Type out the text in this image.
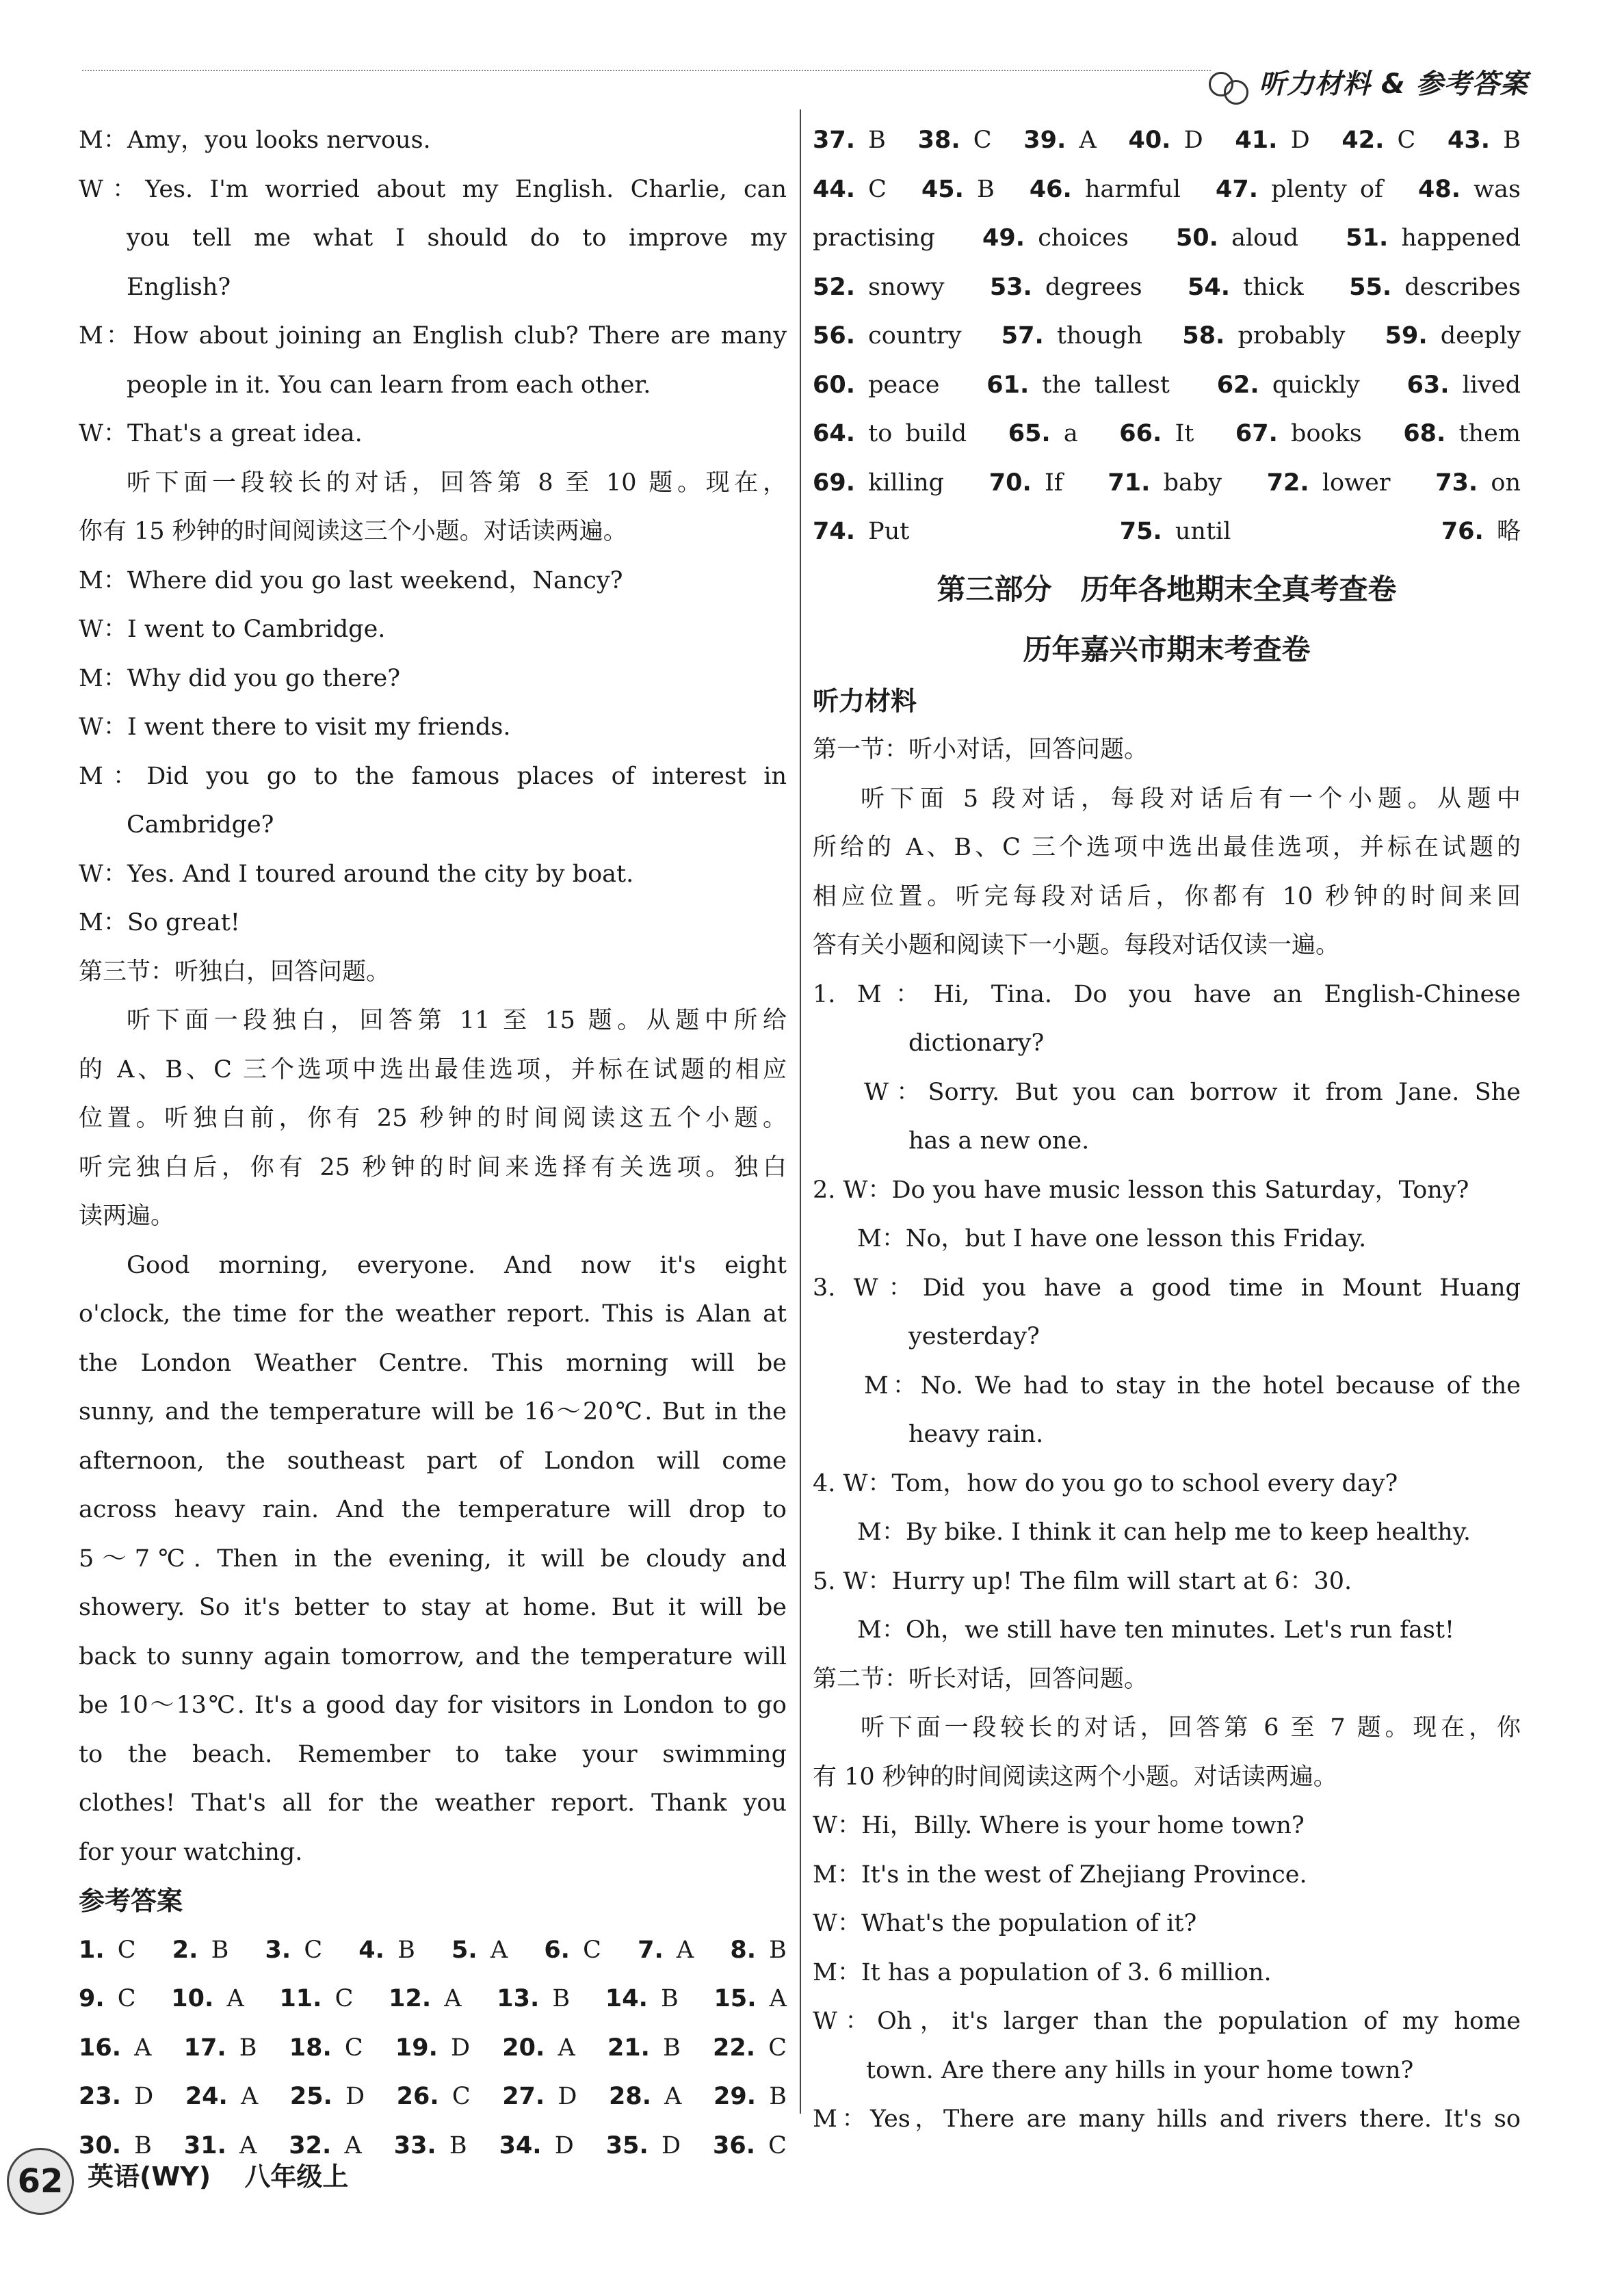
听力材料 & 参考答案
M：Amy，you looks nervous.
W：Yes. I'm worried about my English. Charlie, can
you tell me what I should do to improve my
English?
M：How about joining an English club? There are many
people in it. You can learn from each other.
W：That's a great idea.
听下面一段较长的对话，回答第 8 至 10 题。现在，
你有 15 秒钟的时间阅读这三个小题。对话读两遍。
M：Where did you go last weekend，Nancy?
W：I went to Cambridge.
M：Why did you go there?
W：I went there to visit my friends.
M：Did you go to the famous places of interest in
Cambridge?
W：Yes. And I toured around the city by boat.
M：So great!
第三节：听独白，回答问题。
听下面一段独白，回答第 11 至 15 题。从题中所给
的 A、B、C 三个选项中选出最佳选项，并标在试题的相应
位置。听独白前，你有 25 秒钟的时间阅读这五个小题。
听完独白后，你有 25 秒钟的时间来选择有关选项。独白
读两遍。
Good morning, everyone. And now it's eight
o'clock, the time for the weather report. This is Alan at
the London Weather Centre. This morning will be
sunny, and the temperature will be 16～20℃. But in the
afternoon, the southeast part of London will come
across heavy rain. And the temperature will drop to
5～7℃. Then in the evening, it will be cloudy and
showery. So it's better to stay at home. But it will be
back to sunny again tomorrow, and the temperature will
be 10～13℃. It's a good day for visitors in London to go
to the beach. Remember to take your swimming
clothes! That's all for the weather report. Thank you
for your watching.
参考答案
1. C 2. B 3. C 4. B 5. A 6. C 7. A 8. B
9. C 10. A 11. C 12. A 13. B 14. B 15. A
16. A 17. B 18. C 19. D 20. A 21. B 22. C
23. D 24. A 25. D 26. C 27. D 28. A 29. B
30. B 31. A 32. A 33. B 34. D 35. D 36. C
37. B 38. C 39. A 40. D 41. D 42. C 43. B
44. C 45. B 46. harmful 47. plenty of 48. was
practising 49. choices 50. aloud 51. happened
52. snowy 53. degrees 54. thick 55. describes
56. country 57. though 58. probably 59. deeply
60. peace 61. the tallest 62. quickly 63. lived
64. to build 65. a 66. It 67. books 68. them
69. killing 70. If 71. baby 72. lower 73. on
74. Put	75. until	76. 略
第三部分　历年各地期末全真考查卷
历年嘉兴市期末考查卷
听力材料
第一节：听小对话，回答问题。
听下面 5 段对话，每段对话后有一个小题。从题中
所给的 A、B、C 三个选项中选出最佳选项，并标在试题的
相应位置。听完每段对话后，你都有 10 秒钟的时间来回
答有关小题和阅读下一小题。每段对话仅读一遍。
1. M：Hi, Tina. Do you have an English-Chinese
dictionary?
W：Sorry. But you can borrow it from Jane. She
has a new one.
2. W：Do you have music lesson this Saturday，Tony?
M：No，but I have one lesson this Friday.
3. W：Did you have a good time in Mount Huang
yesterday?
M：No. We had to stay in the hotel because of the
heavy rain.
4. W：Tom，how do you go to school every day?
M：By bike. I think it can help me to keep healthy.
5. W：Hurry up! The film will start at 6：30.
M：Oh，we still have ten minutes. Let's run fast!
第二节：听长对话，回答问题。
听下面一段较长的对话，回答第 6 至 7 题。现在，你
有 10 秒钟的时间阅读这两个小题。对话读两遍。
W：Hi，Billy. Where is your home town?
M：It's in the west of Zhejiang Province.
W：What's the population of it?
M：It has a population of 3. 6 million.
W：Oh，it's larger than the population of my home
town. Are there any hills in your home town?
M：Yes，There are many hills and rivers there. It's so
62 英语(WY) 八年级上
